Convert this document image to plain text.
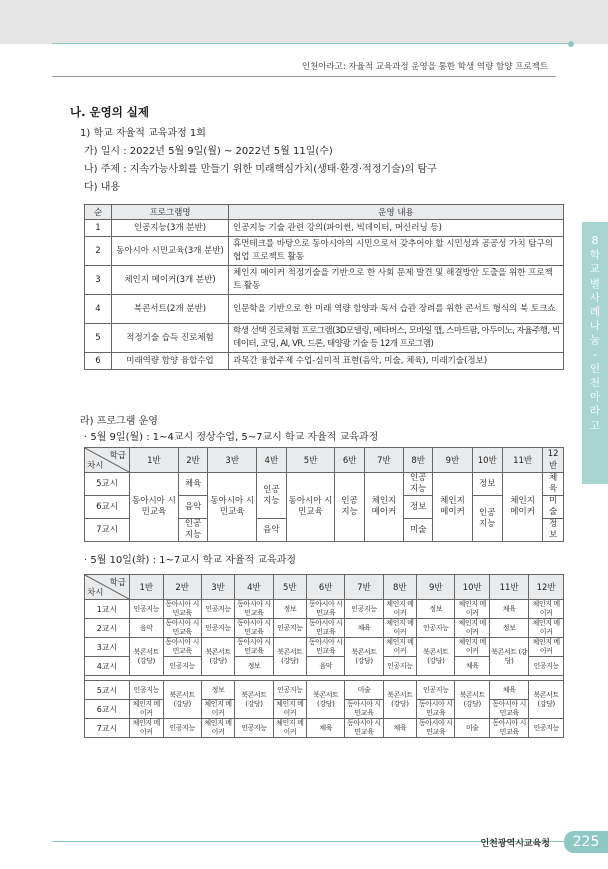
인천아라고: 자율적 교육과정 운영을 통한 학생 역량 함양 프로젝트
나. 운영의 실제
1) 학교 자율적 교육과정 1회
가) 일시 : 2022년 5월 9일(월) ~ 2022년 5월 11일(수)
나) 주제 : 지속가능사회를 만들기 위한 미래핵심가치(생태·환경·적정기술)의 탐구
다) 내용
순	프로그램명	운영 내용
1	인공지능(3개 분반)	인공지능 기술 관련 강의(파이썬, 빅데이터, 머신러닝 등)
2	동아시아 시민교육(3개 분반)	휴먼테크를 바탕으로 동아시아의 시민으로서 갖추어야 할 시민성과 공공성 가치 탐구의 협업 프로젝트 활동
3	체인지 메이커(3개 분반)	체인지 메이커 적정기술을 기반으로 한 사회 문제 발견 및 해결방안 도출을 위한 프로젝트 활동
4	북콘서트(2개 분반)	인문학을 기반으로 한 미래 역량 함양과 독서 습관 장려를 위한 콘서트 형식의 북 토크쇼
5	적정기술 습득 진로체험	학생 선택 진로체험 프로그램(3D모델링, 메타버스, 모바일 앱, 스마트팜, 아두이노, 자율주행, 빅데이터, 코딩, AI, VR, 드론, 태양광 기술 등 12개 프로그램)
6	미래역량 함양 융합수업	과목간 융합주제 수업-심미적 표현(음악, 미술, 체육), 미래기술(정보)
라) 프로그램 운영
· 5월 9일(월) : 1~4교시 정상수업, 5~7교시 학교 자율적 교육과정
학급
차시	1반	2반	3반	4반	5반	6반	7반	8반	9반	10반	11반	12반
5교시	동아시아 시민교육	체육	동아시아 시민교육	인공 지능	동아시아 시민교육	인공 지능	체인지 메이커	인공 지능	체인지 메이커	정보	체인지 메이커	체육
6교시		음악						정보		인공 지능		미술
7교시		인공 지능		음악				미술				정보
· 5월 10일(화) : 1~7교시 학교 자율적 교육과정
학급
차시	1반	2반	3반	4반	5반	6반	7반	8반	9반	10반	11반	12반
1교시	인공지능	동아시아 시민교육	인공지능	동아시아 시민교육	정보	동아시아 시민교육	인공지능	체인지 메이커	정보	체인지 메이커	체육	체인지 메이커
2교시	음악	동아시아 시민교육	인공지능	동아시아 시민교육	인공지능	동아시아 시민교육	체육	체인지 메이커	인공지능	체인지 메이커	정보	체인지 메이커
3교시	북콘서트 (강당)	동아시아 시민교육	북콘서트 (강당)	동아시아 시민교육	북콘서트 (강당)	동아시아 시민교육	북콘서트 (강당)	체인지 메이커	북콘서트 (강당)	체인지 메이커	북콘서트 (강당)	체인지 메이커
4교시		인공지능		정보		음악		인공지능		체육		인공지능

5교시	인공지능	북콘서트 (강당)	정보	북콘서트 (강당)	인공지능	북콘서트 (강당)	미술	북콘서트 (강당)	인공지능	북콘서트 (강당)	체육	북콘서트 (강당)
6교시	체인지 메이커		체인지 메이커		체인지 메이커		동아시아 시민교육		동아시아 시민교육		동아시아 시민교육	
7교시	체인지 메이커	인공지능	체인지 메이커	인공지능	체인지 메이커	체육	동아시아 시민교육	체육	동아시아 시민교육	미술	동아시아 시민교육	인공지능
8
학
교
별
사
례
나
눔
-
인
천
아
라
고
인천광역시교육청	225
